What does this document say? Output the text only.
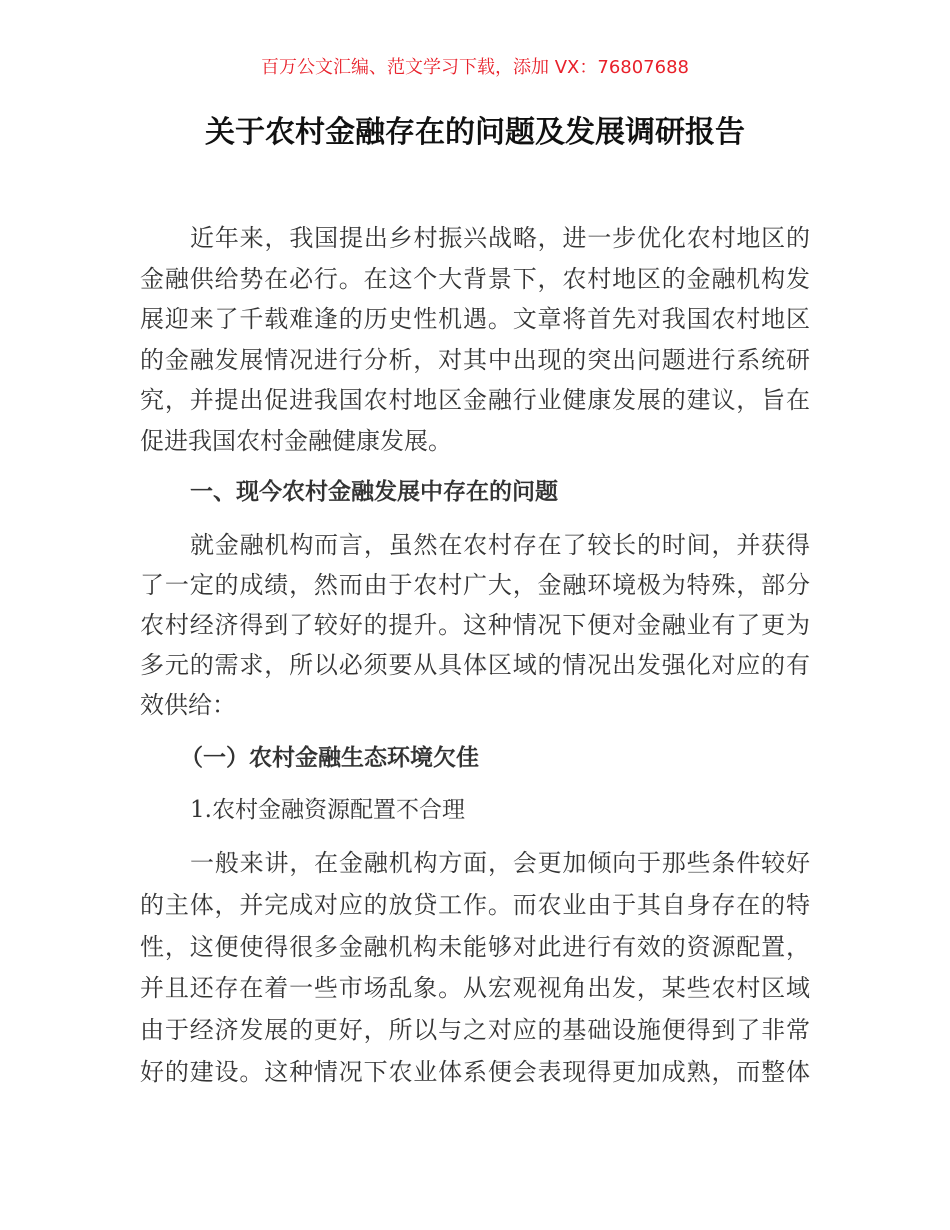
百万公文汇编、范文学习下载，添加 VX：76807688
关于农村金融存在的问题及发展调研报告
近年来，我国提出乡村振兴战略，进一步优化农村地区的
金融供给势在必行。在这个大背景下，农村地区的金融机构发
展迎来了千载难逢的历史性机遇。文章将首先对我国农村地区
的金融发展情况进行分析，对其中出现的突出问题进行系统研
究，并提出促进我国农村地区金融行业健康发展的建议，旨在
促进我国农村金融健康发展。
一、现今农村金融发展中存在的问题
就金融机构而言，虽然在农村存在了较长的时间，并获得
了一定的成绩，然而由于农村广大，金融环境极为特殊，部分
农村经济得到了较好的提升。这种情况下便对金融业有了更为
多元的需求，所以必须要从具体区域的情况出发强化对应的有
效供给：
（一）农村金融生态环境欠佳
1.农村金融资源配置不合理
一般来讲，在金融机构方面，会更加倾向于那些条件较好
的主体，并完成对应的放贷工作。而农业由于其自身存在的特
性，这便使得很多金融机构未能够对此进行有效的资源配置，
并且还存在着一些市场乱象。从宏观视角出发，某些农村区域
由于经济发展的更好，所以与之对应的基础设施便得到了非常
好的建设。这种情况下农业体系便会表现得更加成熟，而整体
